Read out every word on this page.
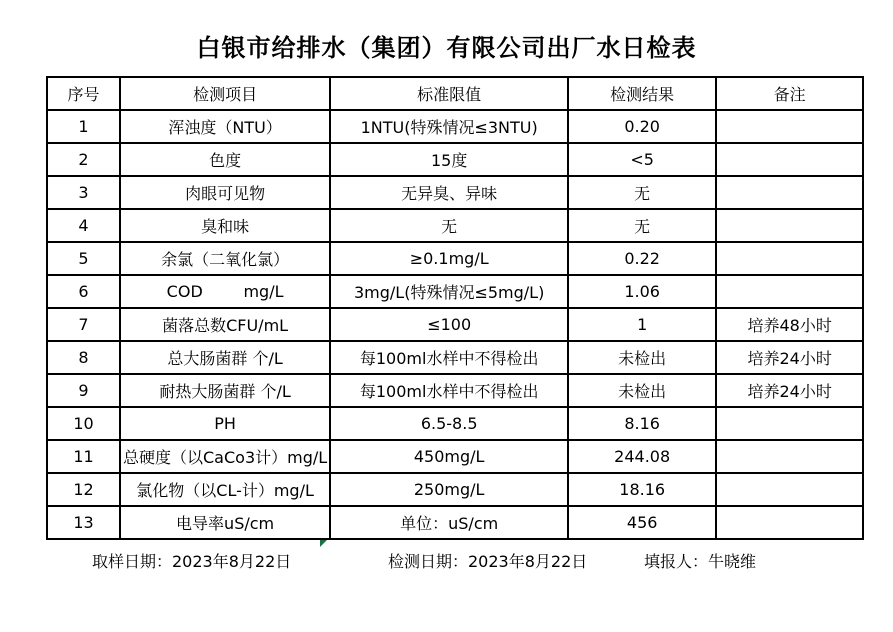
白银市给排水（集团）有限公司出厂水日检表
序号	检测项目	标准限值	检测结果	备注
1	浑浊度（NTU）	1NTU(特殊情况≤3NTU)	0.20	
2	色度	15度	<5	
3	肉眼可见物	无异臭、异味	无	
4	臭和味	无	无	
5	余氯（二氧化氯）	≥0.1mg/L	0.22	
6	COD        mg/L	3mg/L(特殊情况≤5mg/L)	1.06	
7	菌落总数CFU/mL	≤100	1	培养48小时
8	总大肠菌群 个/L	每100ml水样中不得检出	未检出	培养24小时
9	耐热大肠菌群 个/L	每100ml水样中不得检出	未检出	培养24小时
10	PH	6.5-8.5	8.16	
11	总硬度（以CaCo3计）mg/L	450mg/L	244.08	
12	氯化物（以CL-计）mg/L	250mg/L	18.16	
13	电导率uS/cm	单位：uS/cm	456	
取样日期：2023年8月22日	检测日期：2023年8月22日	填报人：牛晓维
